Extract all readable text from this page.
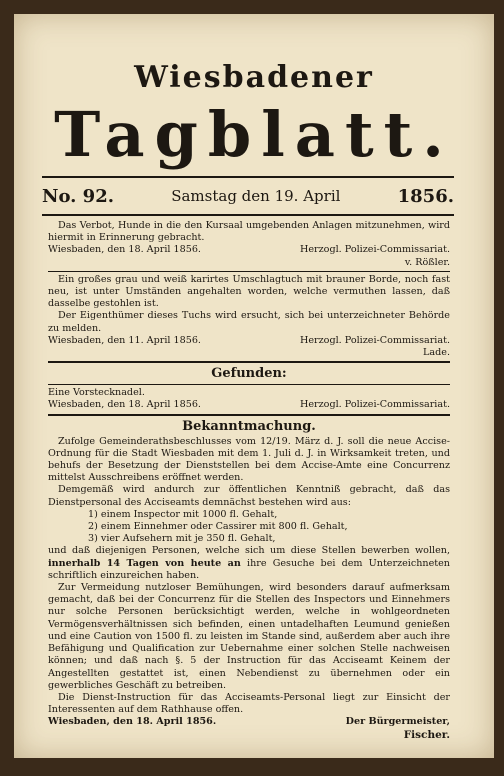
Wiesbadener
Tagblatt.
No. 92.	Samstag den 19. April	1856.

Das Verbot, Hunde in die den Kursaal umgebenden Anlagen mitzunehmen, wird hiermit in Erinnerung gebracht.

Wiesbaden, den 18. April 1856.	Herzogl. Polizei-Commissariat.
v. Rößler.

Ein großes grau und weiß karirtes Umschlagtuch mit brauner Borde, noch fast neu, ist unter Umständen angehalten worden, welche vermuthen lassen, daß dasselbe gestohlen ist.

Der Eigenthümer dieses Tuchs wird ersucht, sich bei unterzeichneter Behörde zu melden.

Wiesbaden, den 11. April 1856.	Herzogl. Polizei-Commissariat.
Lade.
Gefunden:

Eine Vorstecknadel.

Wiesbaden, den 18. April 1856.	Herzogl. Polizei-Commissariat.
Bekanntmachung.

Zufolge Gemeinderathsbeschlusses vom 12/19. März d. J. soll die neue Accise-Ordnung für die Stadt Wiesbaden mit dem 1. Juli d. J. in Wirksamkeit treten, und behufs der Besetzung der Dienststellen bei dem Accise-Amte eine Concurrenz mittelst Ausschreibens eröffnet werden.

Demgemäß wird andurch zur öffentlichen Kenntniß gebracht, daß das Dienstpersonal des Acciseamts demnächst bestehen wird aus:

1) einem Inspector mit 1000 fl. Gehalt,
2) einem Einnehmer oder Cassirer mit 800 fl. Gehalt,
3) vier Aufsehern mit je 350 fl. Gehalt,

und daß diejenigen Personen, welche sich um diese Stellen bewerben wollen, innerhalb 14 Tagen von heute an ihre Gesuche bei dem Unterzeichneten schriftlich einzureichen haben.

Zur Vermeidung nutzloser Bemühungen, wird besonders darauf aufmerksam gemacht, daß bei der Concurrenz für die Stellen des Inspectors und Einnehmers nur solche Personen berücksichtigt werden, welche in wohlgeordneten Vermögensverhältnissen sich befinden, einen untadelhaften Leumund genießen und eine Caution von 1500 fl. zu leisten im Stande sind, außerdem aber auch ihre Befähigung und Qualification zur Uebernahme einer solchen Stelle nachweisen können; und daß nach §. 5 der Instruction für das Acciseamt Keinem der Angestellten gestattet ist, einen Nebendienst zu übernehmen oder ein gewerbliches Geschäft zu betreiben.

Die Dienst-Instruction für das Acciseamts-Personal liegt zur Einsicht der Interessenten auf dem Rathhause offen.

Wiesbaden, den 18. April 1856.	Der Bürgermeister,
Fischer.
